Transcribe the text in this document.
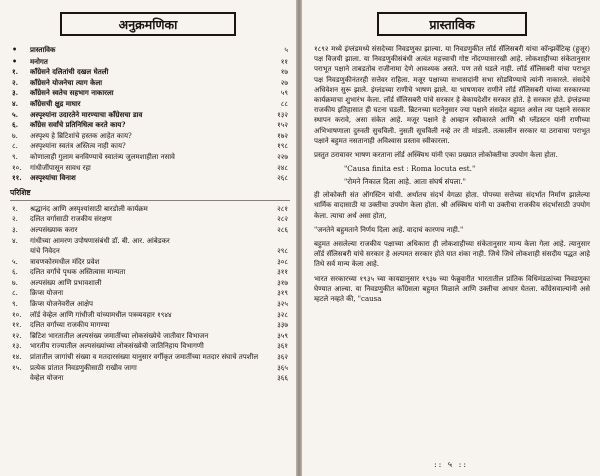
अनुक्रमणिका
•	प्रास्ताविक	५
•	मनोगत	११
१.	काँग्रेसने दलितांची दखल घेतली	१७
२.	काँग्रेसने योजनेचा त्याग केला	२७
३.	काँग्रेसने स्वतेच सहभाग नाकारला	५९
४.	काँग्रेसची क्षुद्र माघार	८८
५.	अस्पृश्यांना उदारतेने मारण्याचा काँग्रेसचा डाव	१३२
६.	काँग्रेस सर्वांचे प्रतिनिधित्व करते काय?	१५२
७.	अस्पृश्य हे ब्रिटिशांचे हस्तक आहेत काय?	१७२
८.	अस्पृश्यांना स्वतंत्र अस्तित्व नाही काय?	१९८
९.	कोणालाही गुलाम बनविण्याचे स्वातंत्र्य जुलमशाहीला नसावे	२२७
१०.	गांधीजींपासून सावध रहा	२४८
११.	अस्पृश्यांचा विनाश	२६८
परिशिष्ट
१.	श्रद्धानंद आणि अस्पृश्यांसाठी बारडोली कार्यक्रम	२८१
२.	दलित वर्गासाठी राजकीय संरक्षण	२८२
३.	अल्पसंख्याक करार	२८६
४.	गांधीच्या आमरण उपोषणासंबंधी डॉ. बी. आर. आंबेडकर
यांचे निवेदन	२९८
५.	त्रावणकोरमधील मंदिर प्रवेश	३०८
६.	दलित वर्गांचे पृथक अस्तित्वास मान्यता	३११
७.	अल्पसंख्य आणि प्रभावशाली	३१७
८.	क्रिप्स योजना	३१९
९.	क्रिप्स योजनेवरील आक्षेप	३२५
१०.	लॉर्ड वेव्हेल आणि गांधीजी यांच्यामधील पत्रव्यवहार १९४४	३२८
११.	दलित वर्गांच्या राजकीय मागण्या	३३७
१२.	ब्रिटिश भारतातील अल्पसंख्य जमातींच्या लोकसंख्येचे जातीवार विभाजन	३५९
१३.	भारतीय राज्यातील अल्पसंख्यांच्या लोकसंख्येची जातिनिहाय विभागणी	३६१
१४.	प्रांतातील जागांची संख्या व मतदारसंख्या यानुसार वर्गीकृत जमातींच्या मतदार संघाचे तपशील	३६२
१५.	प्रत्येक प्रांतात निवडणुकीसाठी राखीव जागा	३६५
वेव्हेल योजना	३६६
प्रास्ताविक

१८९२ मध्ये इंग्लंडमध्ये संसदेच्या निवडणुका झाल्या. या निवडणुकीत लॉर्ड सॅलिसबरी यांचा कॉन्झर्वेटिव्ह (हुजूर) पक्ष विजयी झाला. या निवडणुकीसंबंधी अत्यंत महत्त्वाची गोष्ट नोंदण्यासारखी आहे. लोकशाहीच्या संकेतानुसार पराभूत पक्षाने ताबडतोब राजीनामा देणे आवश्यक असते. पण तसे घडले नाही. लॉर्ड सॅलिसबरी यांचा पराभूत पक्ष निवडणुकीनंतरही सत्तेवर राहिला. मजूर पक्षाच्या सभासदांनी सभा सोडविण्याचे त्यांनी नाकारले. संसदेचे अधिवेशन सुरू झाले. इंग्लंडच्या राणीचे भाषण झाले. या भाषणावर राणीने लॉर्ड सॅलिसबरी यांच्या सरकारच्या कार्यक्रमाचा शुभारंभ केला. लॉर्ड सॅलिसबरी यांचे सरकार हे बेकायदेशीर सरकार होते. हे सरकार होते. इंग्लंडच्या राजकीय इतिहासात ही घटना घडली. ब्रिटनच्या घटनेनुसार ज्या पक्षाने संसदेत बहुमत असेल त्या पक्षाने सरकार स्थापन करावे, असा संकेत आहे. मजूर पक्षाने हे आव्हान स्वीकारले आणि श्री ग्लॅडस्टन यांनी राणीच्या अभिभाषणाला दुरुस्ती सुचविली. नुसती सूचविली नव्हे तर ती मांडली. तत्कालीन सरकार या ठरावाचा पराभूत पक्षाने बहुमत नसतानाही अविश्वास प्रस्ताव स्वीकारला.

प्रस्तुत ठरावावर भाषण करताना लॉर्ड अस्क्विथ यांनी एका प्रख्यात लोकोक्तीचा उपयोग केला होता.

"Causa finita est : Roma locuta est."

"रोमने निकाल दिला आहे. आता संघर्ष संपला."

ही लोकोक्ती संत ऑगस्टिन यांची. अर्थातच संदर्भ वेगळा होता. पोपच्या सत्तेच्या संदर्भात निर्माण झालेल्या धार्मिक वादासाठी या उक्तीचा उपयोग केला होता. श्री अस्क्विथ यांनी या उक्तीचा राजकीय संदर्भासाठी उपयोग केला. त्याचा अर्थ असा होता,

"जनतेने बहुमताने निर्णय दिला आहे. वादाचं कारणच नाही."

बहुमत असलेल्या राजकीय पक्षाच्या अधिकारा ही लोकशाहीच्या संकेतानुसार मान्य केला गेला आहे. त्यानुसार लॉर्ड सॅलिसबरी यांचे सरकार हे अल्पमत सरकार होते यात शंका नाही. जिथे जिथे लोकशाही संसदीय पद्धत आहे तिथे सर्व मान्य केला आहे.

भारत सरकारच्या १९३५ च्या कायद्यानुसार १९३७ च्या फेब्रुवारीत भारतातील प्रांतिक विधिमंडळांच्या निवडणुका घेण्यात आल्या. या निवडणुकीत काँग्रेसला बहुमत मिळाले आणि उक्तीचा आधार घेतला. काँग्रेसवाल्यांनी असे म्हटले नव्हते की, "causa

:: ५ ::
